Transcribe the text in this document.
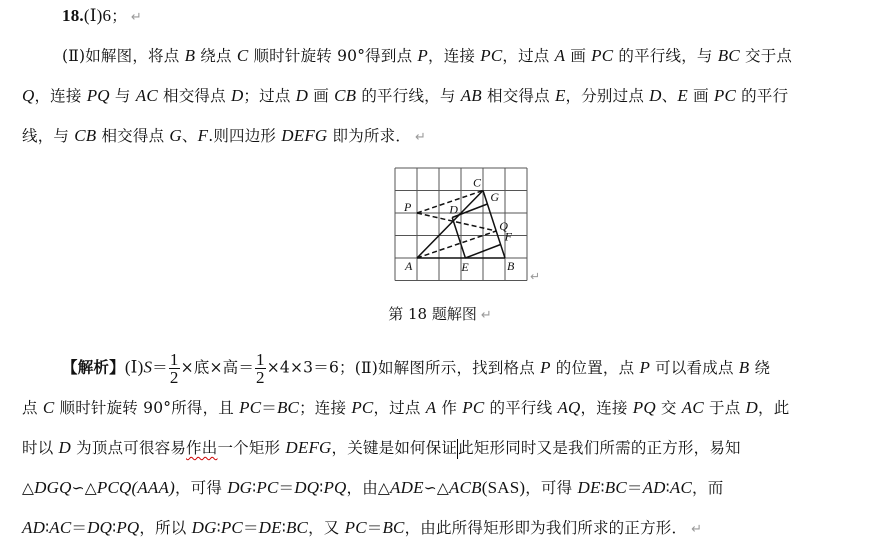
18.(Ⅰ)6； ↵
(Ⅱ)如解图，将点 B 绕点 C 顺时针旋转 90°得到点 P，连接 PC，过点 A 画 PC 的平行线，与 BC 交于点
Q，连接 PQ 与 AC 相交得点 D；过点 D 画 CB 的平行线，与 AB 相交得点 E，分别过点 D、E 画 PC 的平行
线，与 CB 相交得点 G、F.则四边形 DEFG 即为所求． ↵
A	B
C
P
Q
D
E
F
G
↵
第 18 题解图 ↵
【解析】(Ⅰ)S＝ $\frac{1}{2}$ ×底×高＝ $\frac{1}{2} \times 4\times 3=6$；(Ⅱ)如解图所示，找到格点 P 的位置，点 P 可以看成点 B 绕
点 C 顺时针旋转 90°所得，且 PC＝BC；连接 PC，过点 A 作 PC 的平行线 AQ，连接 PQ 交 AC 于点 D，此
时以 D 为顶点可很容易作出一个矩形 DEFG，关键是如何保证此矩形同时又是我们所需的正方形，易知
△DGQ∽△PCQ(AAA)，可得 DG∶PC＝DQ∶PQ，由△ADE∽△ACB(SAS)，可得 DE∶BC＝AD∶AC，而
AD∶AC＝DQ∶PQ，所以 DG∶PC＝DE∶BC，又 PC＝BC，由此所得矩形即为我们所求的正方形． ↵
